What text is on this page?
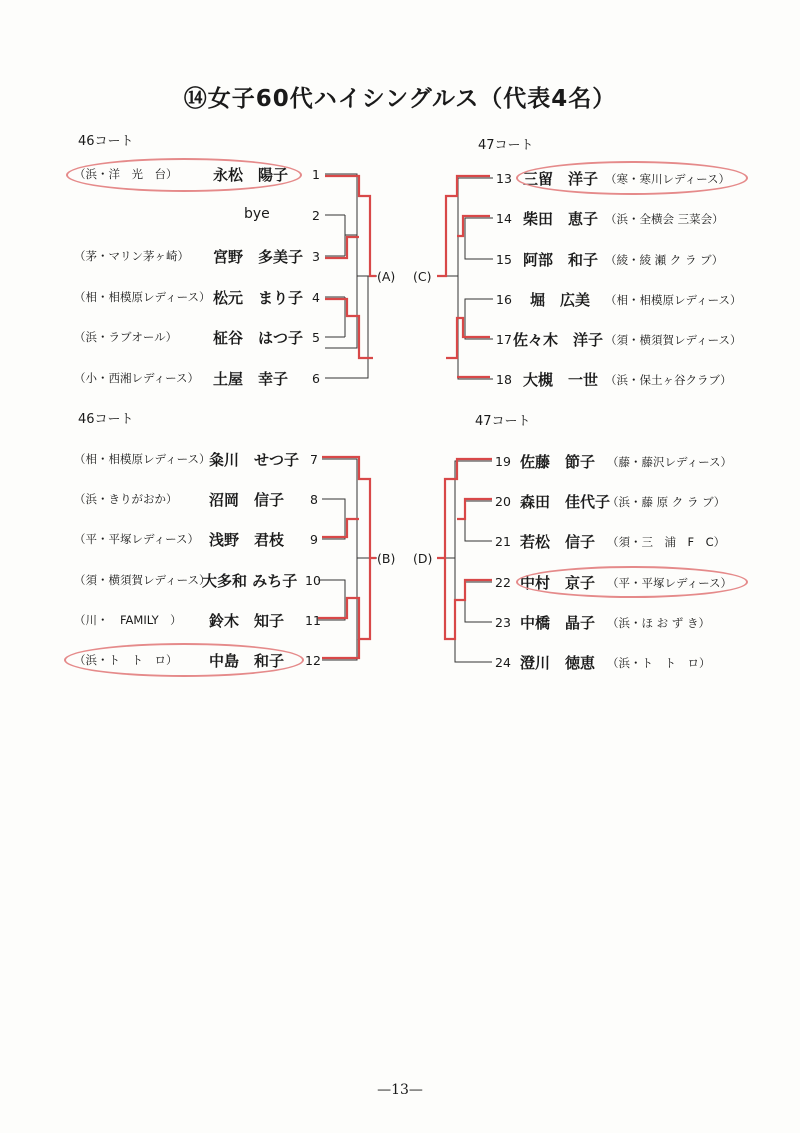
⑭女子60代ハイシングルス（代表4名）
46コート
（浜・洋　光　台） 永松　陽子 1
bye	2
（茅・マリン茅ヶ崎） 宮野　多美子 3
（相・相模原レディース） 松元　まり子 4
（浜・ラブオール） 柾谷　はつ子 5
（小・西湘レディース） 土屋　幸子 6
47コート
13 三留　洋子 （寒・寒川レディース）
14 柴田　恵子 （浜・全横会 三菜会）
15 阿部　和子 （綾・綾 瀬 ク ラ ブ）
16 堀　広美 （相・相模原レディース）
17 佐々木　洋子 （須・横須賀レディース）
18 大槻　一世 （浜・保土ヶ谷クラブ）
46コート
（相・相模原レディース）
粂川　せつ子 7
（浜・きりがおか） 沼岡　信子 8
（平・平塚レディース） 浅野　君枝 9
（須・横須賀レディース）
大多和 みち子 10
（川・　FAMILY　） 鈴木　知子 11
（浜・ト　ト　ロ） 中島　和子 12
47コート
19 佐藤　節子 （藤・藤沢レディース）
20 森田　佳代子
（浜・藤 原 ク ラ ブ）
21 若松　信子 （須・三　浦　F　C）
22 中村　京子 （平・平塚レディース）
23 中橋　晶子 （浜・ほ お ず き）
24 澄川　徳恵 （浜・ト　ト　ロ）
(A) (C)
(B) (D)
—13—
